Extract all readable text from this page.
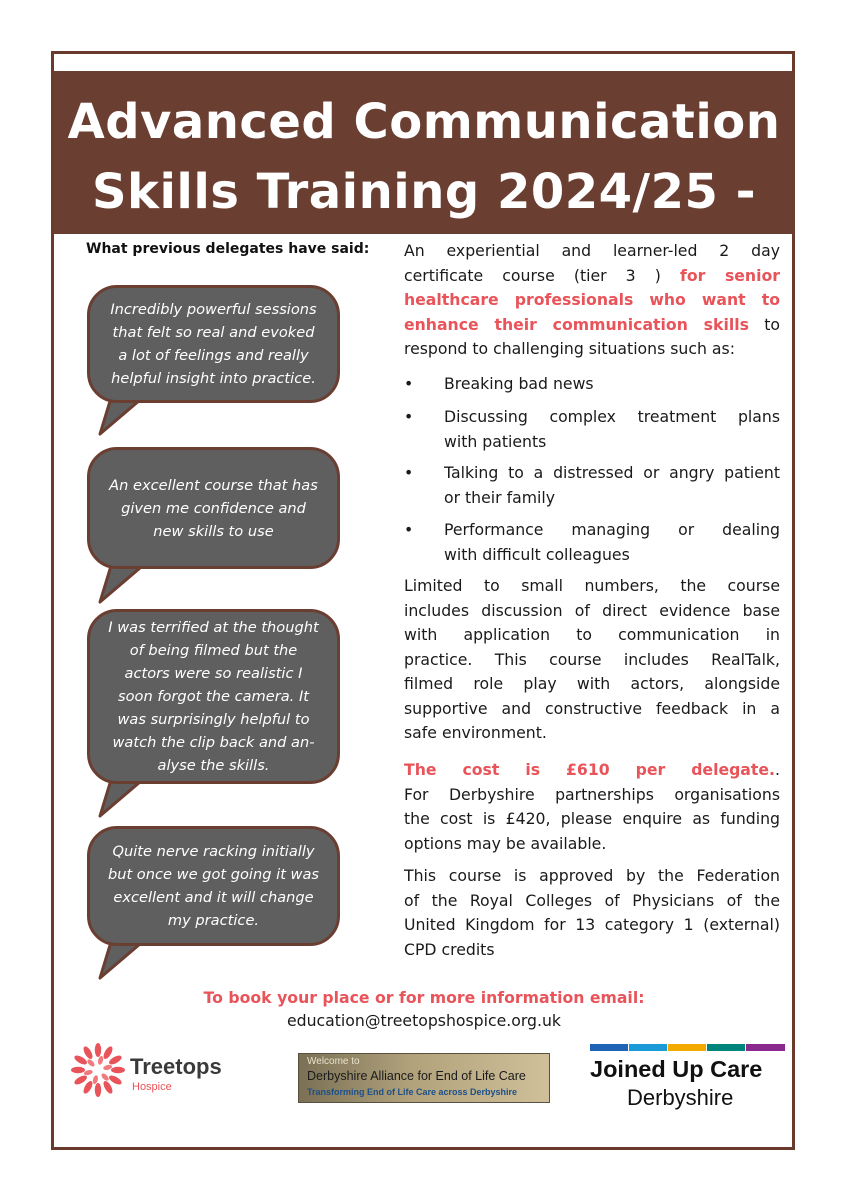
Advanced Communication
Skills Training 2024/25 -
What previous delegates have said:
Incredibly powerful sessions that felt so real and evoked a lot of feelings and really helpful insight into practice.
An excellent course that has given me confidence and new skills to use
I was terrified at the thought of being filmed but the actors were so realistic I soon forgot the camera. It was surprisingly helpful to watch the clip back and an-alyse the skills.
Quite nerve racking initially but once we got going it was excellent and it will change my practice.
An experiential and learner-led 2 day
certificate course (tier 3 ) for senior
healthcare professionals who want to
enhance their communication skills to
respond to challenging situations such as:
• Breaking bad news
• Discussing complex treatment plans
with patients
• Talking to a distressed or angry patient
or their family
• Performance managing or dealing
with difficult colleagues
Limited to small numbers, the course
includes discussion of direct evidence base
with application to communication in
practice. This course includes RealTalk,
filmed role play with actors, alongside
supportive and constructive feedback in a
safe environment.
The cost is £610 per delegate..
For Derbyshire partnerships organisations
the cost is £420, please enquire as funding
options may be available.
This course is approved by the Federation
of the Royal Colleges of Physicians of the
United Kingdom for 13 category 1 (external)
CPD credits
To book your place or for more information email:
education@treetopshospice.org.uk
Treetops
Hospice
Welcome to
Derbyshire Alliance for End of Life Care
Transforming End of Life Care across Derbyshire
Joined Up Care
Derbyshire
